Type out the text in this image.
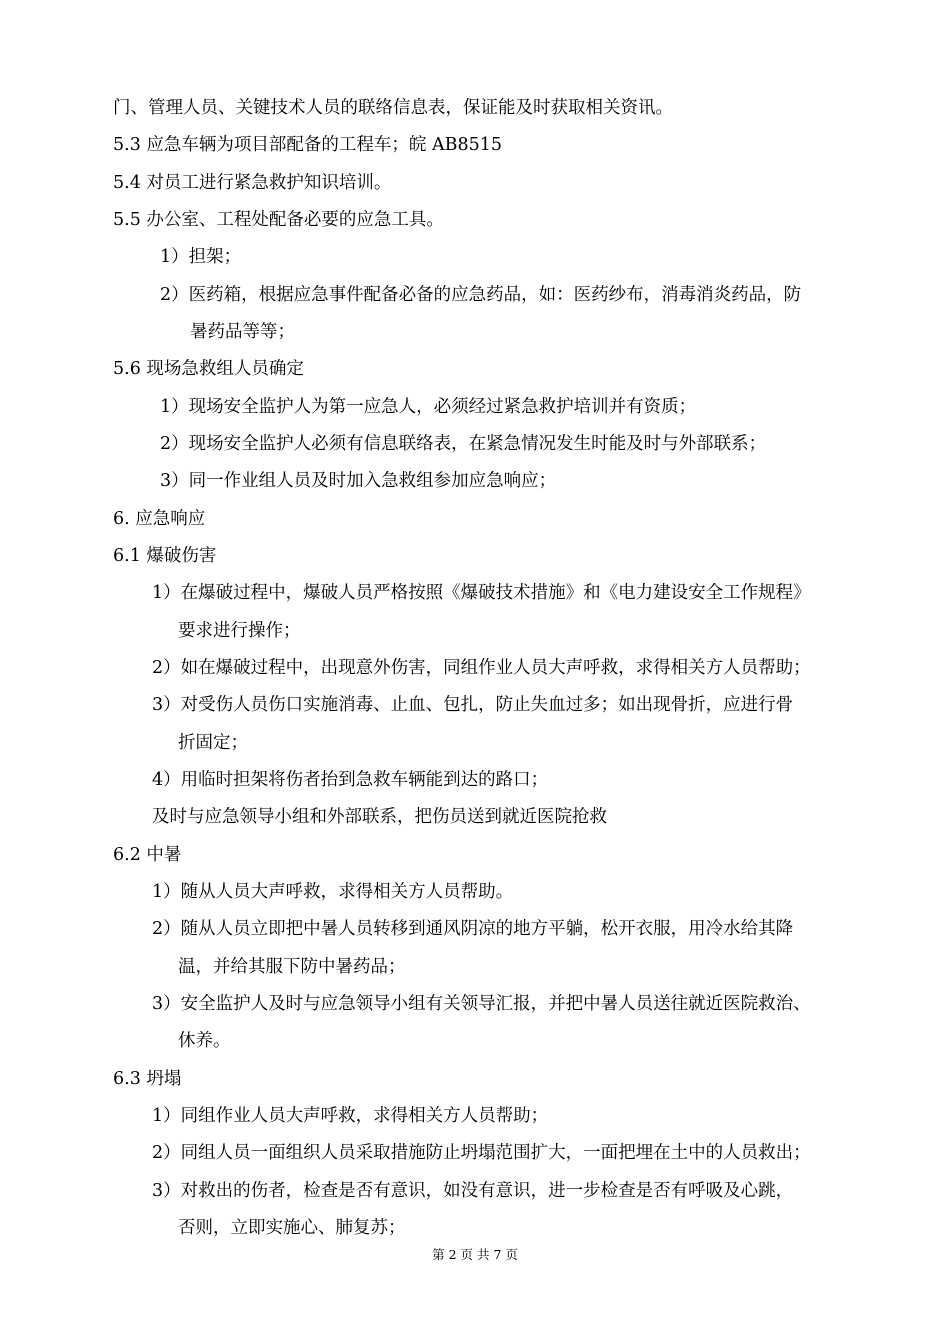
门、管理人员、关键技术人员的联络信息表，保证能及时获取相关资讯。
5.3 应急车辆为项目部配备的工程车；皖 AB8515
5.4 对员工进行紧急救护知识培训。
5.5 办公室、工程处配备必要的应急工具。
1）担架；
2）医药箱，根据应急事件配备必备的应急药品，如：医药纱布，消毒消炎药品，防
暑药品等等；
5.6 现场急救组人员确定
1）现场安全监护人为第一应急人，必须经过紧急救护培训并有资质；
2）现场安全监护人必须有信息联络表，在紧急情况发生时能及时与外部联系；
3）同一作业组人员及时加入急救组参加应急响应；
6. 应急响应
6.1 爆破伤害
1）在爆破过程中，爆破人员严格按照《爆破技术措施》和《电力建设安全工作规程》
要求进行操作；
2）如在爆破过程中，出现意外伤害，同组作业人员大声呼救，求得相关方人员帮助；
3）对受伤人员伤口实施消毒、止血、包扎，防止失血过多；如出现骨折，应进行骨
折固定；
4）用临时担架将伤者抬到急救车辆能到达的路口；
及时与应急领导小组和外部联系，把伤员送到就近医院抢救
6.2 中暑
1）随从人员大声呼救，求得相关方人员帮助。
2）随从人员立即把中暑人员转移到通风阴凉的地方平躺，松开衣服，用冷水给其降
温，并给其服下防中暑药品；
3）安全监护人及时与应急领导小组有关领导汇报，并把中暑人员送往就近医院救治、
休养。
6.3 坍塌
1）同组作业人员大声呼救，求得相关方人员帮助；
2）同组人员一面组织人员采取措施防止坍塌范围扩大，一面把埋在土中的人员救出；
3）对救出的伤者，检查是否有意识，如没有意识，进一步检查是否有呼吸及心跳，
否则，立即实施心、肺复苏；
第 2 页 共 7 页
